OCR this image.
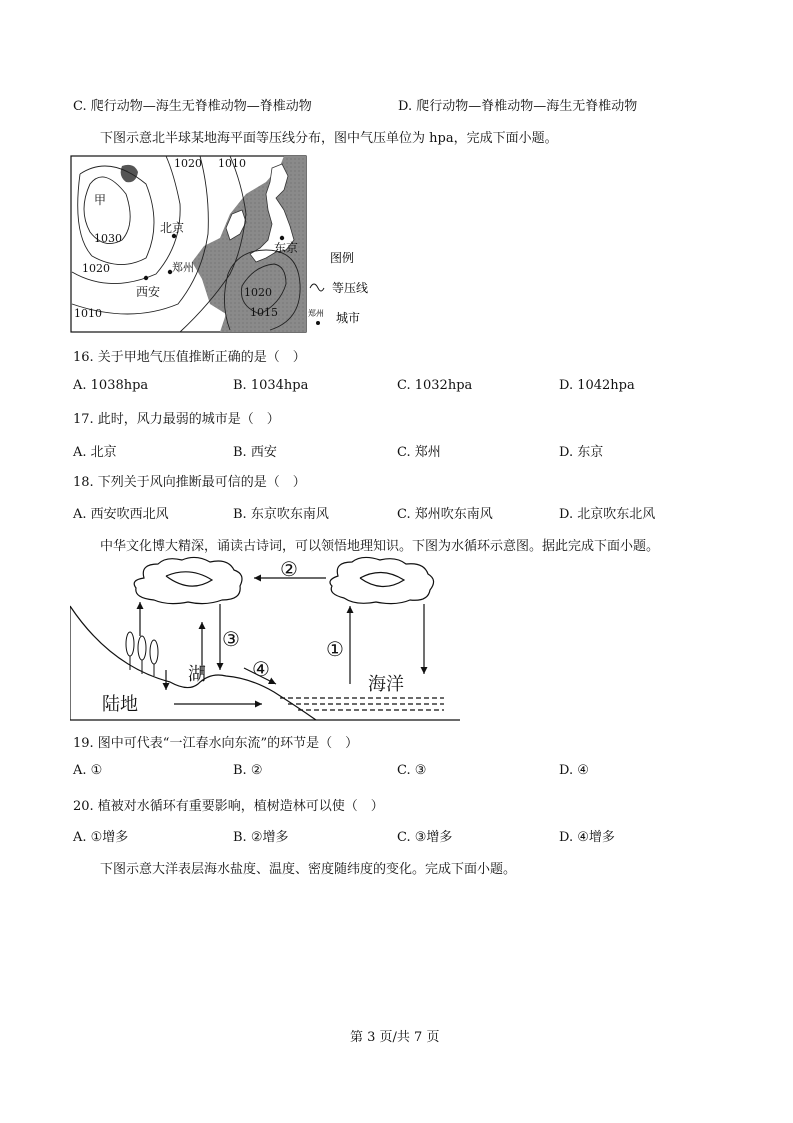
C. 爬行动物—海生无脊椎动物—脊椎动物	D. 爬行动物—脊椎动物—海生无脊椎动物
下图示意北半球某地海平面等压线分布，图中气压单位为 hpa，完成下面小题。
1020 1010
甲
1030
北京
1020	郑州
西安
1010
东京
1020
1015
图例
等压线
郑州 城市
16. 关于甲地气压值推断正确的是（　）
A. 1038hpa	B. 1034hpa	C. 1032hpa	D. 1042hpa
17. 此时，风力最弱的城市是（　）
A. 北京	B. 西安	C. 郑州	D. 东京
18. 下列关于风向推断最可信的是（　）
A. 西安吹西北风	B. 东京吹东南风	C. 郑州吹东南风	D. 北京吹东北风
中华文化博大精深，诵读古诗词，可以领悟地理知识。下图为水循环示意图。据此完成下面小题。
②
③
④
①
湖	海洋
陆地
19. 图中可代表“一江春水向东流”的环节是（　）
A. ①	B. ②	C. ③	D. ④
20. 植被对水循环有重要影响，植树造林可以使（　）
A. ①增多	B. ②增多	C. ③增多	D. ④增多
下图示意大洋表层海水盐度、温度、密度随纬度的变化。完成下面小题。
第 3 页/共 7 页
